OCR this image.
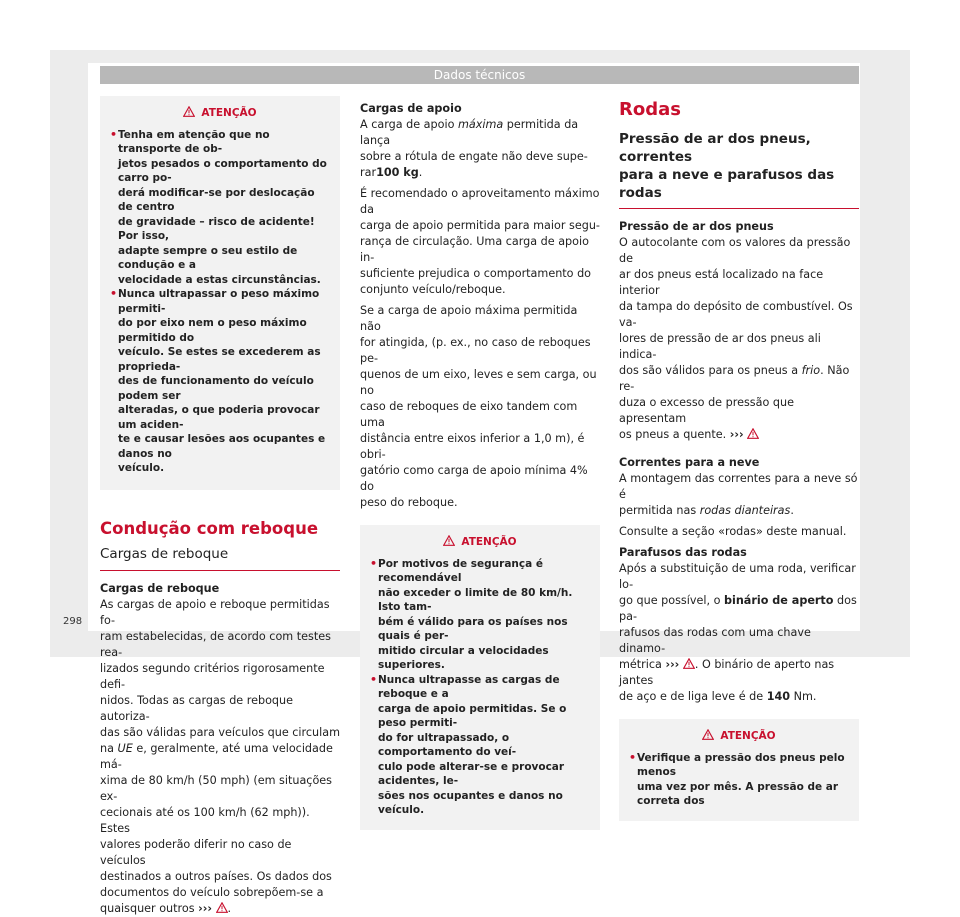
Dados técnicos
ATENÇÃO
• Tenha em atenção que no transporte de ob-
jetos pesados o comportamento do carro po-
derá modificar-se por deslocação de centro
de gravidade – risco de acidente! Por isso,
adapte sempre o seu estilo de condução e a
velocidade a estas circunstâncias.
• Nunca ultrapassar o peso máximo permiti-
do por eixo nem o peso máximo permitido do
veículo. Se estes se excederem as proprieda-
des de funcionamento do veículo podem ser
alteradas, o que poderia provocar um aciden-
te e causar lesões aos ocupantes e danos no
veículo.
Condução com reboque
Cargas de reboque

Cargas de reboque

As cargas de apoio e reboque permitidas fo-
ram estabelecidas, de acordo com testes rea-
lizados segundo critérios rigorosamente defi-
nidos. Todas as cargas de reboque autoriza-
das são válidas para veículos que circulam
na UE e, geralmente, até uma velocidade má-
xima de 80 km/h (50 mph) (em situações ex-
cecionais até os 100 km/h (62 mph)). Estes
valores poderão diferir no caso de veículos
destinados a outros países. Os dados dos
documentos do veículo sobrepõem-se a
quaisquer outros ››› .

Cargas de apoio

A carga de apoio máxima permitida da lança
sobre a rótula de engate não deve supe-
rar100 kg.
É recomendado o aproveitamento máximo da
carga de apoio permitida para maior segu-
rança de circulação. Uma carga de apoio in-
suficiente prejudica o comportamento do
conjunto veículo/reboque.
Se a carga de apoio máxima permitida não
for atingida, (p. ex., no caso de reboques pe-
quenos de um eixo, leves e sem carga, ou no
caso de reboques de eixo tandem com uma
distância entre eixos inferior a 1,0 m), é obri-
gatório como carga de apoio mínima 4% do
peso do reboque.
ATENÇÃO
• Por motivos de segurança é recomendável
não exceder o limite de 80 km/h. Isto tam-
bém é válido para os países nos quais é per-
mitido circular a velocidades superiores.
• Nunca ultrapasse as cargas de reboque e a
carga de apoio permitidas. Se o peso permiti-
do for ultrapassado, o comportamento do veí-
culo pode alterar-se e provocar acidentes, le-
sões nos ocupantes e danos no veículo.
Rodas
Pressão de ar dos pneus, correntes
para a neve e parafusos das rodas

Pressão de ar dos pneus

O autocolante com os valores da pressão de
ar dos pneus está localizado na face interior
da tampa do depósito de combustível. Os va-
lores de pressão de ar dos pneus ali indica-
dos são válidos para os pneus a frio. Não re-
duza o excesso de pressão que apresentam
os pneus a quente. ›››

Correntes para a neve

A montagem das correntes para a neve só é
permitida nas rodas dianteiras.
Consulte a seção «rodas» deste manual.

Parafusos das rodas

Após a substituição de uma roda, verificar lo-
go que possível, o binário de aperto dos pa-
rafusos das rodas com uma chave dinamo-
métrica ››› . O binário de aperto nas jantes
de aço e de liga leve é de 140 Nm.
ATENÇÃO
• Verifique a pressão dos pneus pelo menos
uma vez por mês. A pressão de ar correta dos
298
